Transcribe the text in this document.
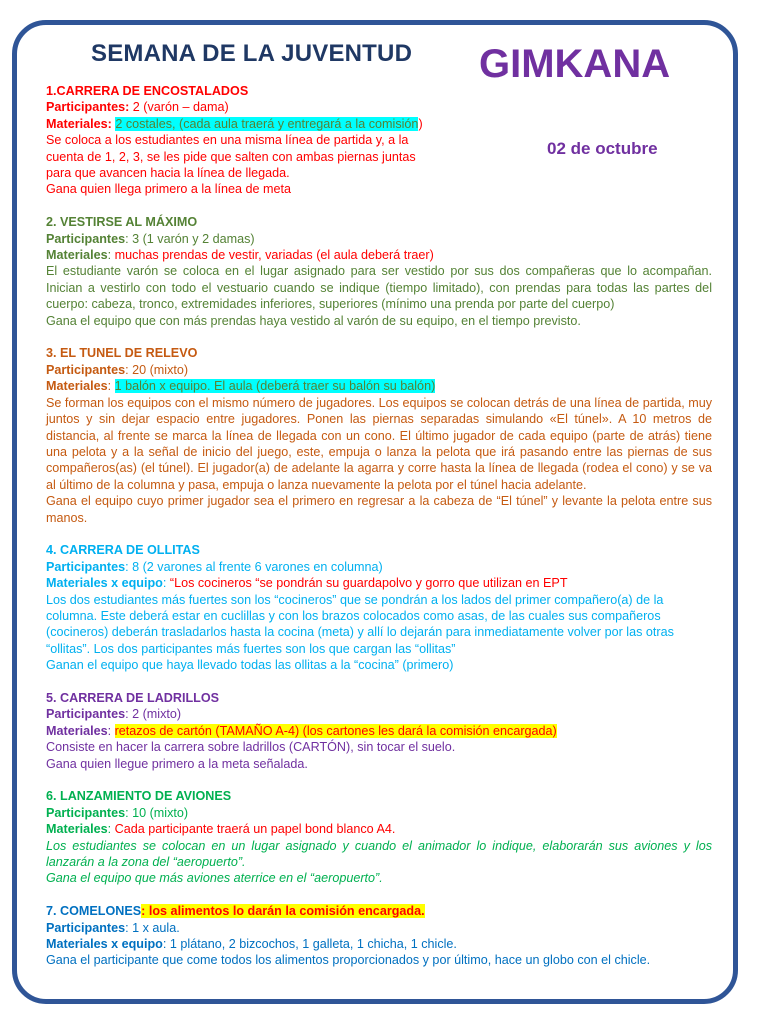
SEMANA DE LA JUVENTUD GIMKANA
02 de octubre

1.CARRERA DE ENCOSTALADOS

Participantes: 2 (varón – dama)

Materiales: 2 costales, (cada aula traerá y entregará a la comisión)

Se coloca a los estudiantes en una misma línea de partida y, a la cuenta de 1, 2, 3, se les pide que salten con ambas piernas juntas para que avancen hacia la línea de llegada.

Gana quien llega primero a la línea de meta

2. VESTIRSE AL MÁXIMO

Participantes: 3 (1 varón y 2 damas)

Materiales: muchas prendas de vestir, variadas (el aula deberá traer)

El estudiante varón se coloca en el lugar asignado para ser vestido por sus dos compañeras que lo acompañan. Inician a vestirlo con todo el vestuario cuando se indique (tiempo limitado), con prendas para todas las partes del cuerpo: cabeza, tronco, extremidades inferiores, superiores (mínimo una prenda por parte del cuerpo)

Gana el equipo que con más prendas haya vestido al varón de su equipo, en el tiempo previsto.

3. EL TUNEL DE RELEVO

Participantes: 20 (mixto)

Materiales: 1 balón x equipo. El aula (deberá traer su balón su balón)

Se forman los equipos con el mismo número de jugadores. Los equipos se colocan detrás de una línea de partida, muy juntos y sin dejar espacio entre jugadores. Ponen las piernas separadas simulando «El túnel». A 10 metros de distancia, al frente se marca la línea de llegada con un cono. El último jugador de cada equipo (parte de atrás) tiene una pelota y a la señal de inicio del juego, este, empuja o lanza la pelota que irá pasando entre las piernas de sus compañeros(as) (el túnel). El jugador(a) de adelante la agarra y corre hasta la línea de llegada (rodea el cono) y se va al último de la columna y pasa, empuja o lanza nuevamente la pelota por el túnel hacia adelante.

Gana el equipo cuyo primer jugador sea el primero en regresar a la cabeza de “El túnel” y levante la pelota entre sus manos.

4. CARRERA DE OLLITAS

Participantes: 8 (2 varones al frente 6 varones en columna)

Materiales x equipo: “Los cocineros “se pondrán su guardapolvo y gorro que utilizan en EPT

Los dos estudiantes más fuertes son los “cocineros” que se pondrán a los lados del primer compañero(a) de la columna. Este deberá estar en cuclillas y con los brazos colocados como asas, de las cuales sus compañeros (cocineros) deberán trasladarlos hasta la cocina (meta) y allí lo dejarán para inmediatamente volver por las otras “ollitas”. Los dos participantes más fuertes son los que cargan las “ollitas”

Ganan el equipo que haya llevado todas las ollitas a la “cocina” (primero)

5. CARRERA DE LADRILLOS

Participantes: 2 (mixto)

Materiales: retazos de cartón (TAMAÑO A-4) (los cartones les dará la comisión encargada)

Consiste en hacer la carrera sobre ladrillos (CARTÓN), sin tocar el suelo.

Gana quien llegue primero a la meta señalada.

6. LANZAMIENTO DE AVIONES

Participantes: 10 (mixto)

Materiales: Cada participante traerá un papel bond blanco A4.

Los estudiantes se colocan en un lugar asignado y cuando el animador lo indique, elaborarán sus aviones y los lanzarán a la zona del “aeropuerto”.

Gana el equipo que más aviones aterrice en el “aeropuerto”.

7. COMELONES: los alimentos lo darán la comisión encargada.

Participantes: 1 x aula.

Materiales x equipo: 1 plátano, 2 bizcochos, 1 galleta, 1 chicha, 1 chicle.

Gana el participante que come todos los alimentos proporcionados y por último, hace un globo con el chicle.
